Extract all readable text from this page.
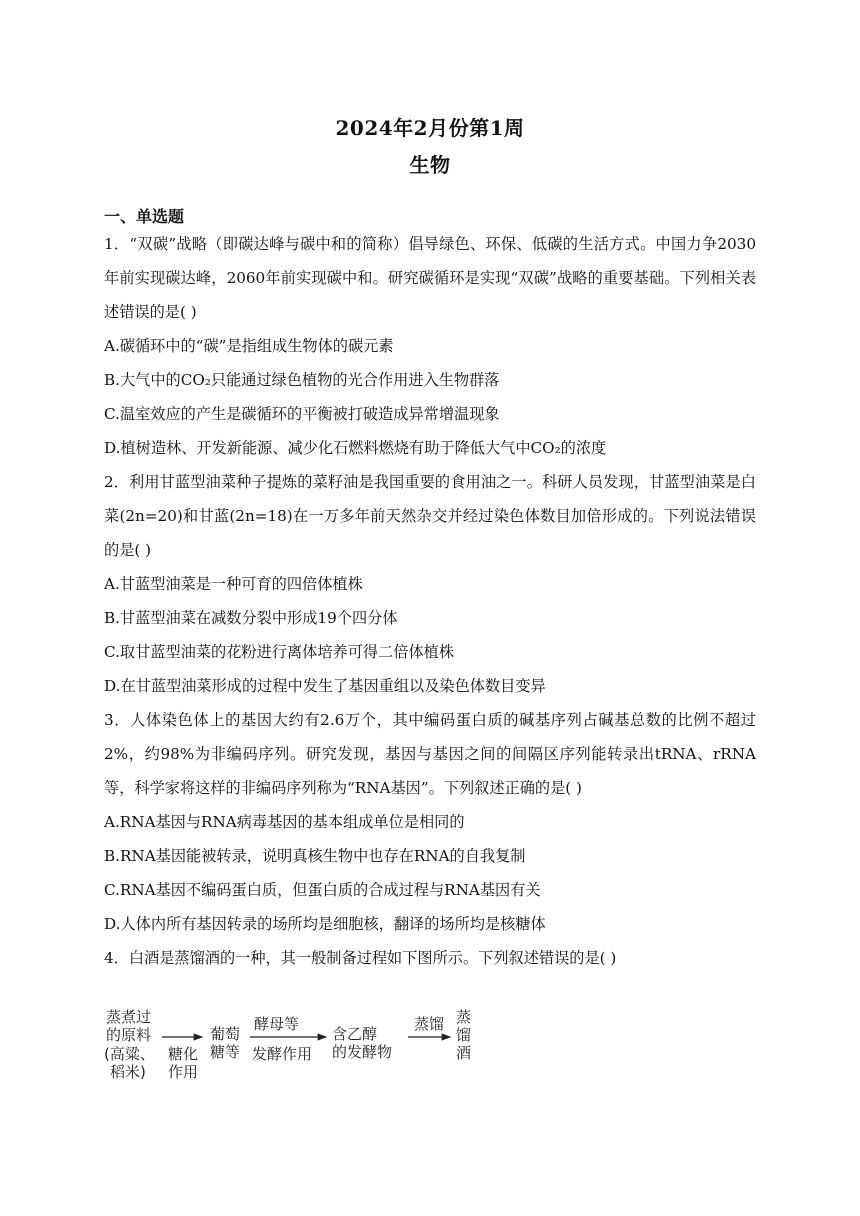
2024年2月份第1周
生物
一、单选题

1．“双碳”战略（即碳达峰与碳中和的简称）倡导绿色、环保、低碳的生活方式。中国力争2030年前实现碳达峰，2060年前实现碳中和。研究碳循环是实现“双碳”战略的重要基础。下列相关表述错误的是( )

A.碳循环中的“碳”是指组成生物体的碳元素

B.大气中的CO₂只能通过绿色植物的光合作用进入生物群落

C.温室效应的产生是碳循环的平衡被打破造成异常增温现象

D.植树造林、开发新能源、减少化石燃料燃烧有助于降低大气中CO₂的浓度

2．利用甘蓝型油菜种子提炼的菜籽油是我国重要的食用油之一。科研人员发现，甘蓝型油菜是白菜(2n=20)和甘蓝(2n=18)在一万多年前天然杂交并经过染色体数目加倍形成的。下列说法错误的是( )

A.甘蓝型油菜是一种可育的四倍体植株

B.甘蓝型油菜在减数分裂中形成19个四分体

C.取甘蓝型油菜的花粉进行离体培养可得二倍体植株

D.在甘蓝型油菜形成的过程中发生了基因重组以及染色体数目变异

3．人体染色体上的基因大约有2.6万个，其中编码蛋白质的碱基序列占碱基总数的比例不超过2%，约98%为非编码序列。研究发现，基因与基因之间的间隔区序列能转录出tRNA、rRNA等，科学家将这样的非编码序列称为“RNA基因”。下列叙述正确的是( )

A.RNA基因与RNA病毒基因的基本组成单位是相同的

B.RNA基因能被转录，说明真核生物中也存在RNA的自我复制

C.RNA基因不编码蛋白质，但蛋白质的合成过程与RNA基因有关

D.人体内所有基因转录的场所均是细胞核，翻译的场所均是核糖体

4．白酒是蒸馏酒的一种，其一般制备过程如下图所示。下列叙述错误的是( )

蒸煮过
的原料
(高粱、
稻米)
糖化
作用
葡萄
糖等
酵母等
发酵作用
含乙醇
的发酵物
蒸馏 蒸
馏
酒
